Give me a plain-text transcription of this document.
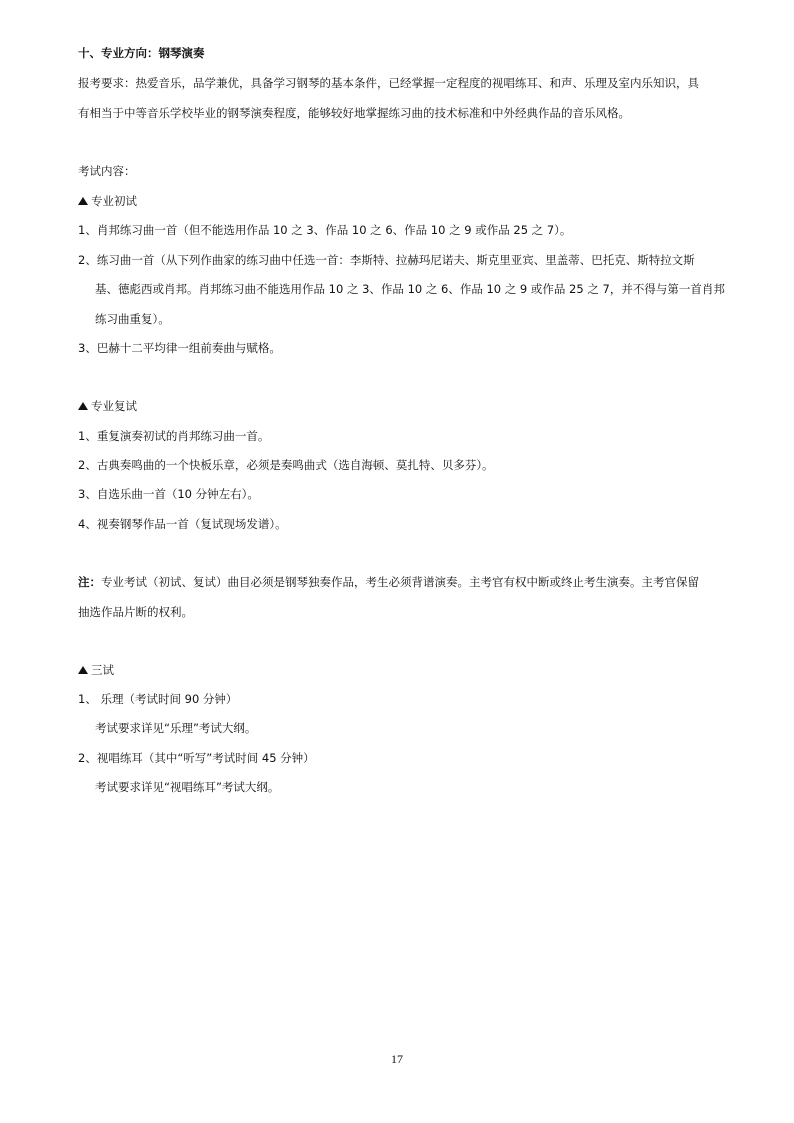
十、专业方向：钢琴演奏
报考要求：热爱音乐，品学兼优，具备学习钢琴的基本条件，已经掌握一定程度的视唱练耳、和声、乐理及室内乐知识，具
有相当于中等音乐学校毕业的钢琴演奏程度，能够较好地掌握练习曲的技术标准和中外经典作品的音乐风格。
考试内容：
专业初试
1、肖邦练习曲一首（但不能选用作品 10 之 3、作品 10 之 6、作品 10 之 9 或作品 25 之 7）。
2、练习曲一首（从下列作曲家的练习曲中任选一首：李斯特、拉赫玛尼诺夫、斯克里亚宾、里盖蒂、巴托克、斯特拉文斯
基、德彪西或肖邦。肖邦练习曲不能选用作品 10 之 3、作品 10 之 6、作品 10 之 9 或作品 25 之 7，并不得与第一首肖邦
练习曲重复）。
3、巴赫十二平均律一组前奏曲与赋格。
专业复试
1、重复演奏初试的肖邦练习曲一首。
2、古典奏鸣曲的一个快板乐章，必须是奏鸣曲式（选自海顿、莫扎特、贝多芬）。
3、自选乐曲一首（10 分钟左右）。
4、视奏钢琴作品一首（复试现场发谱）。
注：专业考试（初试、复试）曲目必须是钢琴独奏作品，考生必须背谱演奏。主考官有权中断或终止考生演奏。主考官保留
抽选作品片断的权利。
三试
1、 乐理（考试时间 90 分钟）
考试要求详见“乐理”考试大纲。
2、视唱练耳（其中“听写”考试时间 45 分钟）
考试要求详见“视唱练耳”考试大纲。
17
